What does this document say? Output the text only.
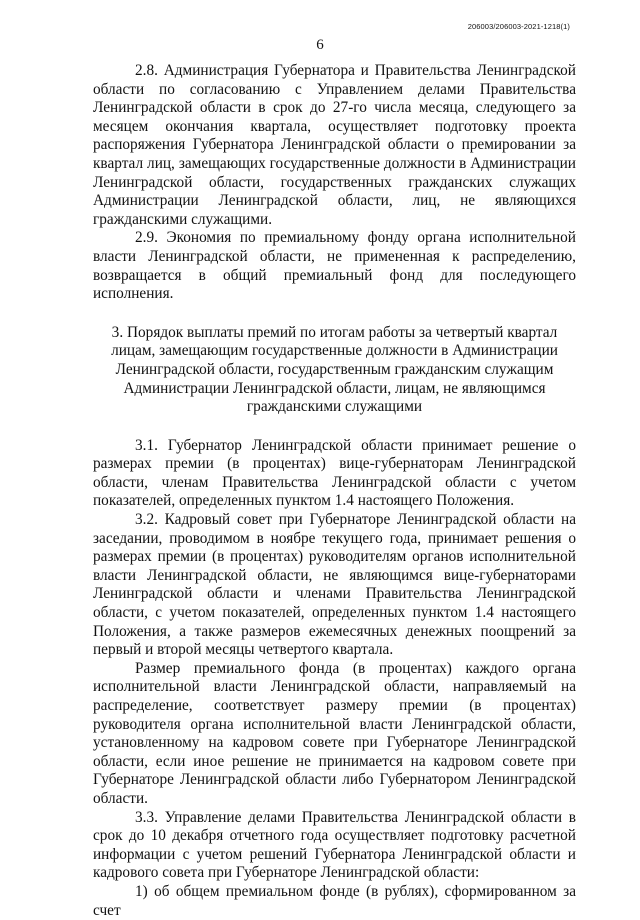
206003/206003-2021-1218(1)
6

2.8. Администрация Губернатора и Правительства Ленинградской области по согласованию с Управлением делами Правительства Ленинградской области в срок до 27-го числа месяца, следующего за месяцем окончания квартала, осуществляет подготовку проекта распоряжения Губернатора Ленинградской области о премировании за квартал лиц, замещающих государственные должности в Администрации Ленинградской области, государственных гражданских служащих Администрации Ленинградской области, лиц, не являющихся гражданскими служащими.

2.9. Экономия по премиальному фонду органа исполнительной власти Ленинградской области, не примененная к распределению, возвращается в общий премиальный фонд для последующего исполнения.

3. Порядок выплаты премий по итогам работы за четвертый квартал
лицам, замещающим государственные должности в Администрации
Ленинградской области, государственным гражданским служащим
Администрации Ленинградской области, лицам, не являющимся
гражданскими служащими

3.1. Губернатор Ленинградской области принимает решение о размерах премии (в процентах) вице-губернаторам Ленинградской области, членам Правительства Ленинградской области с учетом показателей, определенных пунктом 1.4 настоящего Положения.

3.2. Кадровый совет при Губернаторе Ленинградской области на заседании, проводимом в ноябре текущего года, принимает решения о размерах премии (в процентах) руководителям органов исполнительной власти Ленинградской области, не являющимся вице-губернаторами Ленинградской области и членами Правительства Ленинградской области, с учетом показателей, определенных пунктом 1.4 настоящего Положения, а также размеров ежемесячных денежных поощрений за первый и второй месяцы четвертого квартала.

Размер премиального фонда (в процентах) каждого органа исполнительной власти Ленинградской области, направляемый на распределение, соответствует размеру премии (в процентах) руководителя органа исполнительной власти Ленинградской области, установленному на кадровом совете при Губернаторе Ленинградской области, если иное решение не принимается на кадровом совете при Губернаторе Ленинградской области либо Губернатором Ленинградской области.

3.3. Управление делами Правительства Ленинградской области в срок до 10 декабря отчетного года осуществляет подготовку расчетной информации с учетом решений Губернатора Ленинградской области и кадрового совета при Губернаторе Ленинградской области:

1) об общем премиальном фонде (в рублях), сформированном за счет
